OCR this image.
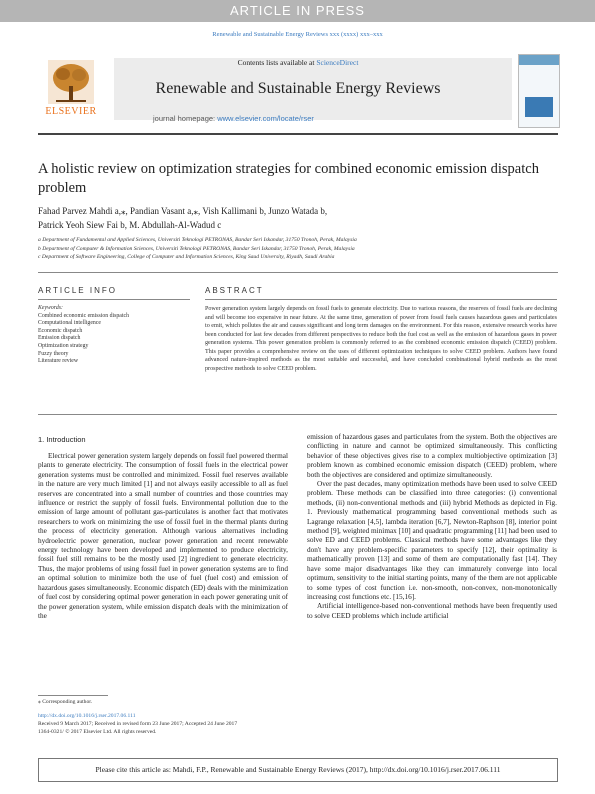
ARTICLE IN PRESS
Renewable and Sustainable Energy Reviews xxx (xxxx) xxx–xxx
ELSEVIER
Contents lists available at ScienceDirect
Renewable and Sustainable Energy Reviews
journal homepage: www.elsevier.com/locate/rser
A holistic review on optimization strategies for combined economic emission dispatch problem
Fahad Parvez Mahdi a,⁎, Pandian Vasant a,⁎, Vish Kallimani b, Junzo Watada b,
Patrick Yeoh Siew Fai b, M. Abdullah-Al-Wadud c
a Department of Fundamental and Applied Sciences, Universiti Teknologi PETRONAS, Bandar Seri Iskandar, 31750 Tronoh, Perak, Malaysia
b Department of Computer & Information Sciences, Universiti Teknologi PETRONAS, Bandar Seri Iskandar, 31750 Tronoh, Perak, Malaysia
c Department of Software Engineering, College of Computer and Information Sciences, King Saud University, Riyadh, Saudi Arabia
ARTICLE INFO	ABSTRACT
Keywords:
Combined economic emission dispatch
Computational intelligence
Economic dispatch
Emission dispatch
Optimization strategy
Fuzzy theory
Literature review
Power generation system largely depends on fossil fuels to generate electricity. Due to various reasons, the reserves of fossil fuels are declining and will become too expensive in near future. At the same time, generation of power from fossil fuels causes hazardous gases and particulates to emit, which pollutes the air and causes significant and long term damages on the environment. For this reason, extensive research works have been conducted for last few decades from different perspectives to reduce both the fuel cost as well as the emission of hazardous gases in power generation systems. This power generation problem is commonly referred to as the combined economic emission dispatch (CEED) problem. This paper provides a comprehensive review on the uses of different optimization techniques to solve CEED problem. Authors have found advanced nature-inspired methods as the most suitable and successful, and have concluded combinational hybrid methods as the most prospective methods to solve CEED problem.
1. Introduction

Electrical power generation system largely depends on fossil fuel powered thermal plants to generate electricity. The consumption of fossil fuels in the electrical power generation systems must be controlled and minimized. Fossil fuel reserves available in the nature are very much limited [1] and not always easily accessible to all as fuel reserves are concentrated into a small number of countries and those countries may influence or restrict the supply of fossil fuels. Environmental pollution due to the emission of large amount of pollutant gas-particulates is another fact that motivates researchers to work on minimizing the use of fossil fuel in the thermal plants during the process of electricity generation. Although various alternatives including hydroelectric power generation, nuclear power generation and recent renewable energy technology have been developed and implemented to produce electricity, fossil fuel still remains to be the mostly used [2] ingredient to generate electricity. Thus, the major problems of using fossil fuel in power generation systems are to find an optimal solution to minimize both the use of fuel (fuel cost) and emission of hazardous gases simultaneously. Economic dispatch (ED) deals with the minimization of fuel cost by considering optimal power generation in each power generating unit of the power generation system, while emission dispatch deals with the minimization of the

emission of hazardous gases and particulates from the system. Both the objectives are conflicting in nature and cannot be optimized simultaneously. This conflicting behavior of these objectives gives rise to a complex multiobjective optimization [3] problem known as combined economic emission dispatch (CEED) problem, where both the objectives are considered and optimize simultaneously.

Over the past decades, many optimization methods have been used to solve CEED problem. These methods can be classified into three categories: (i) conventional methods, (ii) non-conventional methods and (iii) hybrid Methods as depicted in Fig. 1. Previously mathematical programming based conventional methods such as Lagrange relaxation [4,5], lambda iteration [6,7], Newton-Raphson [8], interior point method [9], weighted minimax [10] and quadratic programming [11] had been used to solve ED and CEED problems. Classical methods have some advantages like they don't have any problem-specific parameters to specify [12], their optimality is mathematically proven [13] and some of them are computationally fast [14]. They have some major disadvantages like they can immaturely converge into local optimum, sensitivity to the initial starting points, many of the them are not applicable to some types of cost function i.e. non-smooth, non-convex, non-monotonically increasing cost functions etc. [15,16].

Artificial intelligence-based non-conventional methods have been frequently used to solve CEED problems which include artificial

⁎ Corresponding author.
http://dx.doi.org/10.1016/j.rser.2017.06.111
Received 9 March 2017; Received in revised form 23 June 2017; Accepted 24 June 2017
1364-0321/ © 2017 Elsevier Ltd. All rights reserved.
Please cite this article as: Mahdi, F.P., Renewable and Sustainable Energy Reviews (2017), http://dx.doi.org/10.1016/j.rser.2017.06.111
